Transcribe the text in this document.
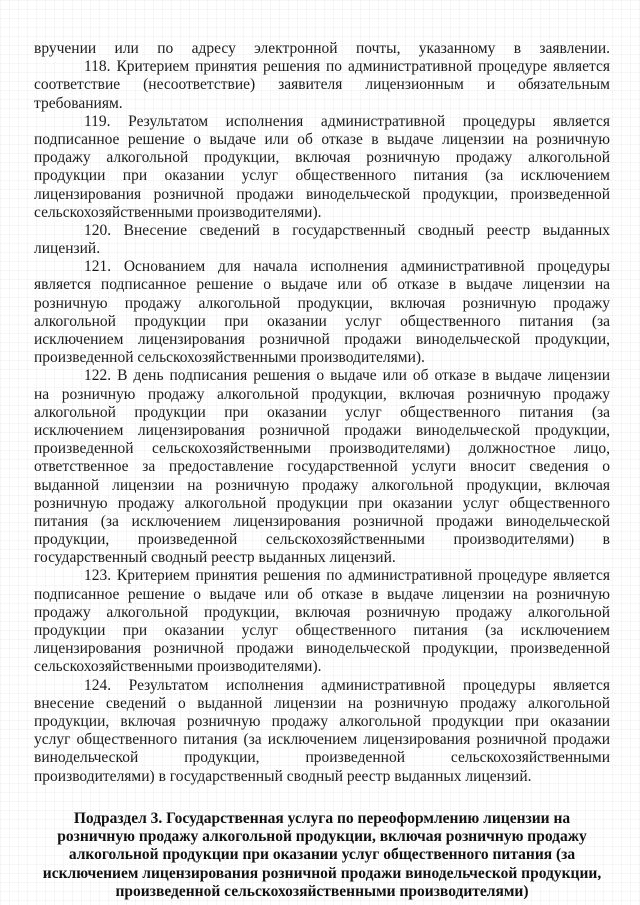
вручении или по адресу электронной почты, указанному в заявлении.
118. Критерием принятия решения по административной процедуре является
соответствие (несоответствие) заявителя лицензионным и обязательным
требованиям.
119. Результатом исполнения административной процедуры является
подписанное решение о выдаче или об отказе в выдаче лицензии на розничную
продажу алкогольной продукции, включая розничную продажу алкогольной
продукции при оказании услуг общественного питания (за исключением
лицензирования розничной продажи винодельческой продукции, произведенной
сельскохозяйственными производителями).
120. Внесение сведений в государственный сводный реестр выданных
лицензий.
121. Основанием для начала исполнения административной процедуры
является подписанное решение о выдаче или об отказе в выдаче лицензии на
розничную продажу алкогольной продукции, включая розничную продажу
алкогольной продукции при оказании услуг общественного питания (за
исключением лицензирования розничной продажи винодельческой продукции,
произведенной сельскохозяйственными производителями).
122. В день подписания решения о выдаче или об отказе в выдаче лицензии
на розничную продажу алкогольной продукции, включая розничную продажу
алкогольной продукции при оказании услуг общественного питания (за
исключением лицензирования розничной продажи винодельческой продукции,
произведенной сельскохозяйственными производителями) должностное лицо,
ответственное за предоставление государственной услуги вносит сведения о
выданной лицензии на розничную продажу алкогольной продукции, включая
розничную продажу алкогольной продукции при оказании услуг общественного
питания (за исключением лицензирования розничной продажи винодельческой
продукции, произведенной сельскохозяйственными производителями) в
государственный сводный реестр выданных лицензий.
123. Критерием принятия решения по административной процедуре является
подписанное решение о выдаче или об отказе в выдаче лицензии на розничную
продажу алкогольной продукции, включая розничную продажу алкогольной
продукции при оказании услуг общественного питания (за исключением
лицензирования розничной продажи винодельческой продукции, произведенной
сельскохозяйственными производителями).
124. Результатом исполнения административной процедуры является
внесение сведений о выданной лицензии на розничную продажу алкогольной
продукции, включая розничную продажу алкогольной продукции при оказании
услуг общественного питания (за исключением лицензирования розничной продажи
винодельческой продукции, произведенной сельскохозяйственными
производителями) в государственный сводный реестр выданных лицензий.
Подраздел 3. Государственная услуга по переоформлению лицензии на
розничную продажу алкогольной продукции, включая розничную продажу
алкогольной продукции при оказании услуг общественного питания (за
исключением лицензирования розничной продажи винодельческой продукции,
произведенной сельскохозяйственными производителями)
